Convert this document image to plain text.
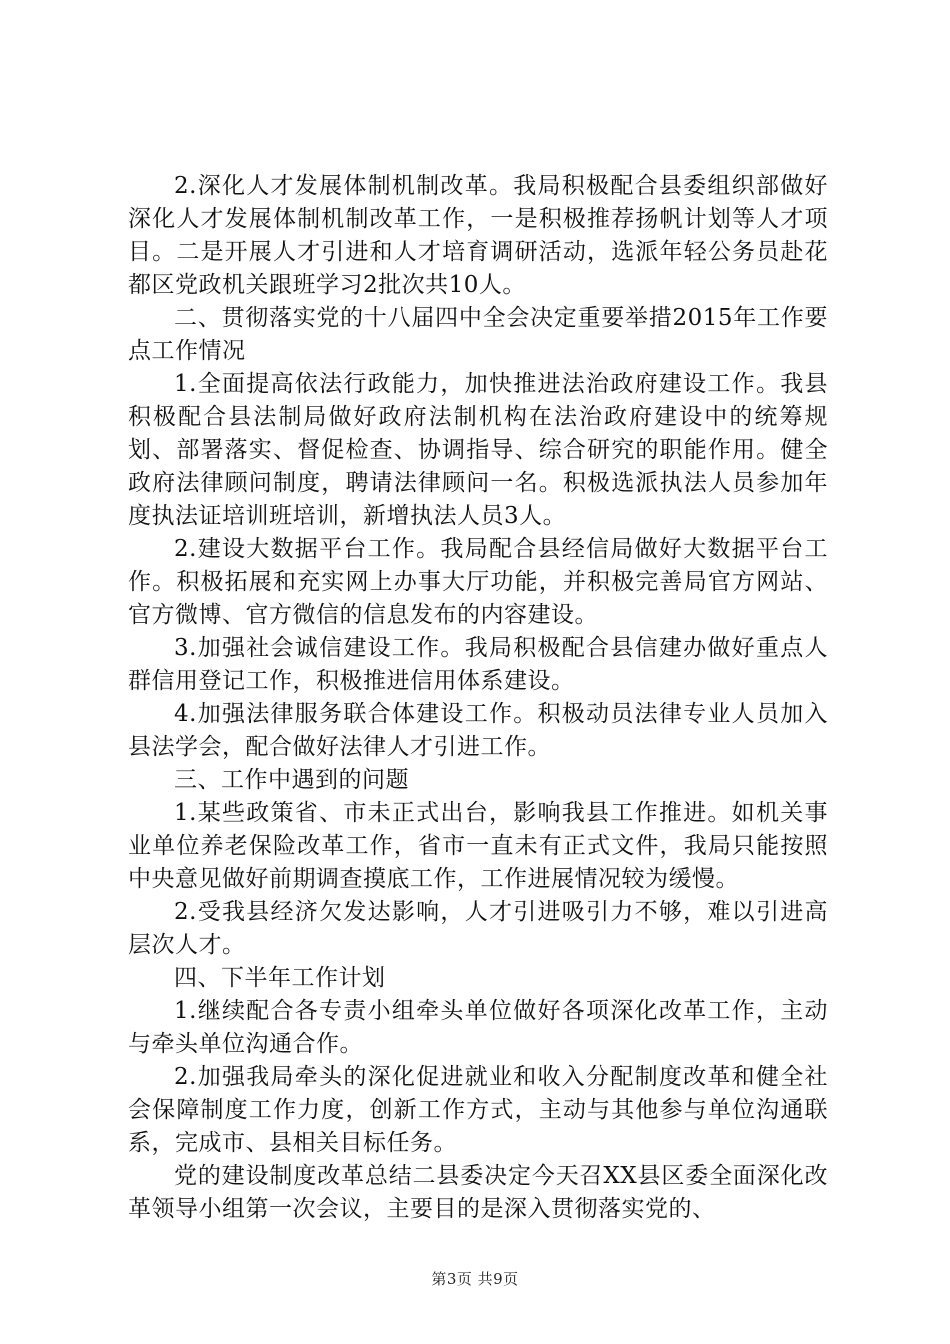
2.深化人才发展体制机制改革。我局积极配合县委组织部做好深化人才发展体制机制改革工作，一是积极推荐扬帆计划等人才项目。二是开展人才引进和人才培育调研活动，选派年轻公务员赴花都区党政机关跟班学习2批次共10人。

二、贯彻落实党的十八届四中全会决定重要举措2015年工作要点工作情况

1.全面提高依法行政能力，加快推进法治政府建设工作。我县积极配合县法制局做好政府法制机构在法治政府建设中的统筹规划、部署落实、督促检查、协调指导、综合研究的职能作用。健全政府法律顾问制度，聘请法律顾问一名。积极选派执法人员参加年度执法证培训班培训，新增执法人员3人。

2.建设大数据平台工作。我局配合县经信局做好大数据平台工作。积极拓展和充实网上办事大厅功能，并积极完善局官方网站、官方微博、官方微信的信息发布的内容建设。

3.加强社会诚信建设工作。我局积极配合县信建办做好重点人群信用登记工作，积极推进信用体系建设。

4.加强法律服务联合体建设工作。积极动员法律专业人员加入县法学会，配合做好法律人才引进工作。

三、工作中遇到的问题

1.某些政策省、市未正式出台，影响我县工作推进。如机关事业单位养老保险改革工作，省市一直未有正式文件，我局只能按照中央意见做好前期调查摸底工作，工作进展情况较为缓慢。

2.受我县经济欠发达影响，人才引进吸引力不够，难以引进高层次人才。

四、下半年工作计划

1.继续配合各专责小组牵头单位做好各项深化改革工作，主动与牵头单位沟通合作。

2.加强我局牵头的深化促进就业和收入分配制度改革和健全社会保障制度工作力度，创新工作方式，主动与其他参与单位沟通联系，完成市、县相关目标任务。

党的建设制度改革总结二县委决定今天召XX县区委全面深化改革领导小组第一次会议，主要目的是深入贯彻落实党的、

第3页 共9页
